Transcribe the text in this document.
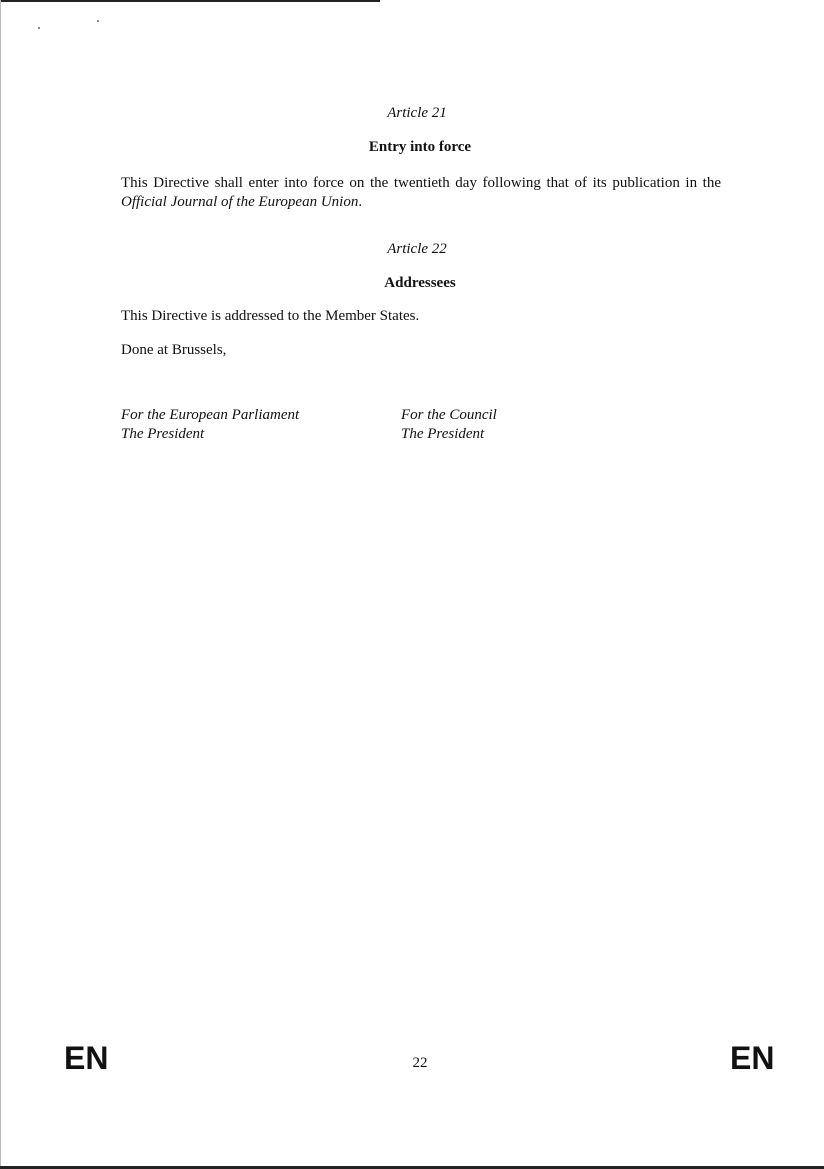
Article 21
Entry into force
This Directive shall enter into force on the twentieth day following that of its publication in the Official Journal of the European Union.
Article 22
Addressees
This Directive is addressed to the Member States.
Done at Brussels,
For the European Parliament
The President
For the Council
The President
EN	22	EN
